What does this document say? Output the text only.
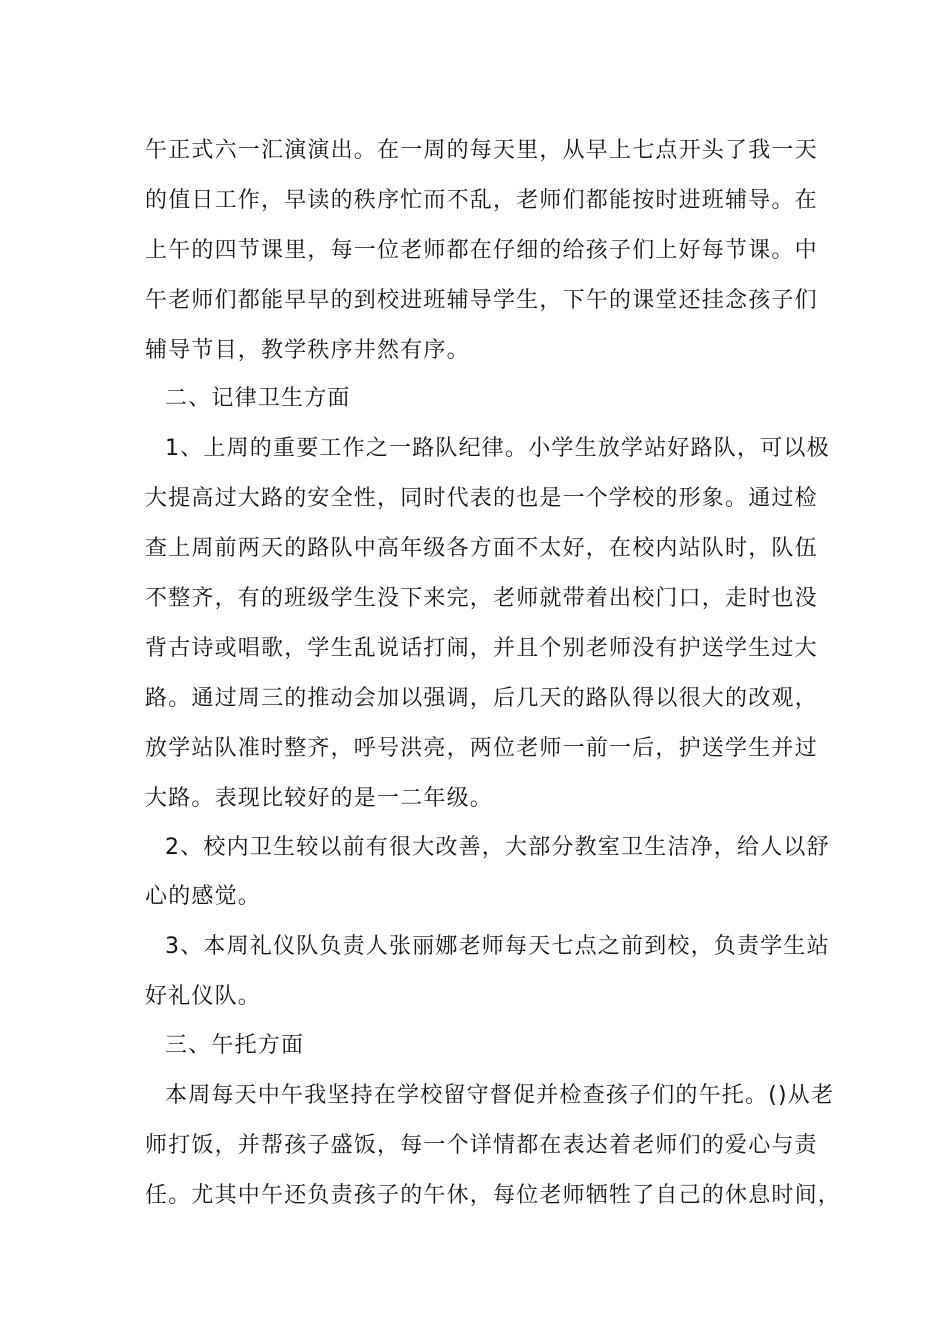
午正式六一汇演演出。在一周的每天里，从早上七点开头了我一天
的值日工作，早读的秩序忙而不乱，老师们都能按时进班辅导。在
上午的四节课里，每一位老师都在仔细的给孩子们上好每节课。中
午老师们都能早早的到校进班辅导学生，下午的课堂还挂念孩子们
辅导节目，教学秩序井然有序。
二、记律卫生方面
1、上周的重要工作之一路队纪律。小学生放学站好路队，可以极
大提高过大路的安全性，同时代表的也是一个学校的形象。通过检
查上周前两天的路队中高年级各方面不太好，在校内站队时，队伍
不整齐，有的班级学生没下来完，老师就带着出校门口，走时也没
背古诗或唱歌，学生乱说话打闹，并且个别老师没有护送学生过大
路。通过周三的推动会加以强调，后几天的路队得以很大的改观，
放学站队准时整齐，呼号洪亮，两位老师一前一后，护送学生并过
大路。表现比较好的是一二年级。
2、校内卫生较以前有很大改善，大部分教室卫生洁净，给人以舒
心的感觉。
3、本周礼仪队负责人张丽娜老师每天七点之前到校，负责学生站
好礼仪队。
三、午托方面
本周每天中午我坚持在学校留守督促并检查孩子们的午托。()从老
师打饭，并帮孩子盛饭，每一个详情都在表达着老师们的爱心与责
任。尤其中午还负责孩子的午休，每位老师牺牲了自己的休息时间，
